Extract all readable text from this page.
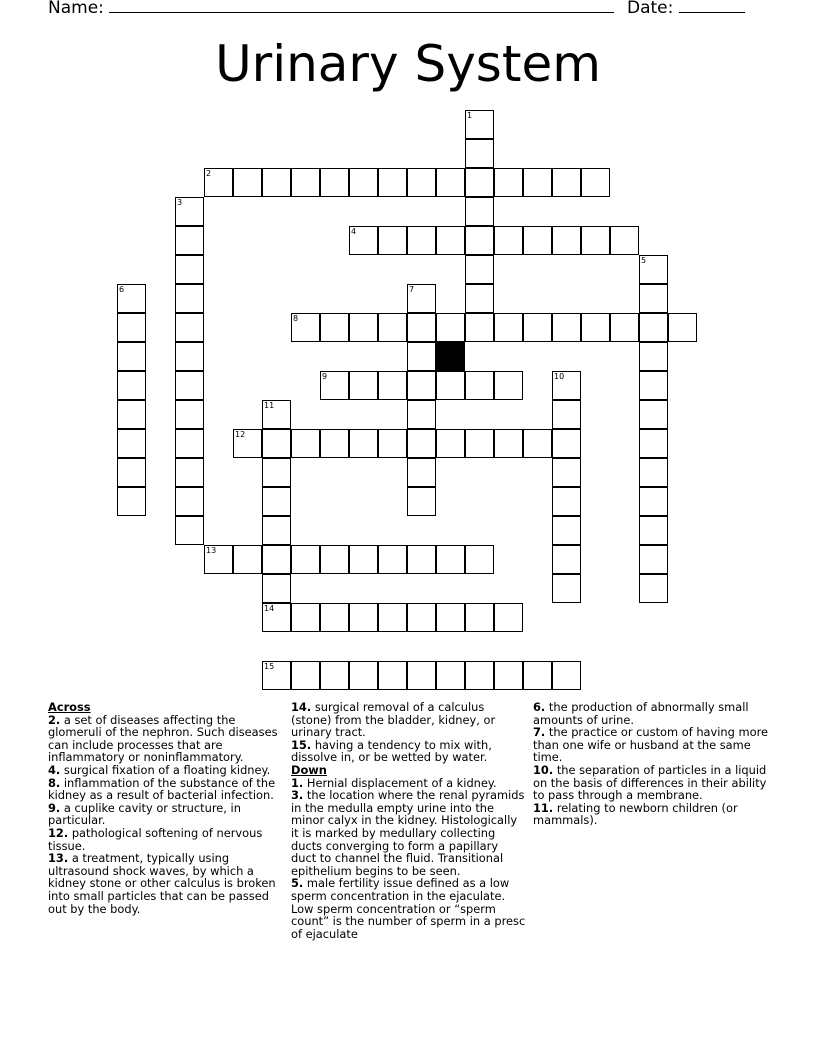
Name:	Date:
Urinary System
2
4
8
9
12
13
14
15
1
3
5
6	7
10
11
Across

2. a set of diseases affecting the glomeruli of the nephron. Such diseases can include processes that are inflammatory or noninflammatory.

4. surgical fixation of a floating kidney.

8. inflammation of the substance of the kidney as a result of bacterial infection.

9. a cuplike cavity or structure, in particular.

12. pathological softening of nervous tissue.

13. a treatment, typically using ultrasound shock waves, by which a kidney stone or other calculus is broken into small particles that can be passed out by the body.

14. surgical removal of a calculus (stone) from the bladder, kidney, or urinary tract.

15. having a tendency to mix with, dissolve in, or be wetted by water.

Down

1. Hernial displacement of a kidney.

3. the location where the renal pyramids in the medulla empty urine into the minor calyx in the kidney. Histologically it is marked by medullary collecting ducts converging to form a papillary duct to channel the fluid. Transitional epithelium begins to be seen.

5. male fertility issue defined as a low sperm concentration in the ejaculate. Low sperm concentration or “sperm count” is the number of sperm in a presc of ejaculate

6. the production of abnormally small amounts of urine.

7. the practice or custom of having more than one wife or husband at the same time.

10. the separation of particles in a liquid on the basis of differences in their ability to pass through a membrane.

11. relating to newborn children (or mammals).
